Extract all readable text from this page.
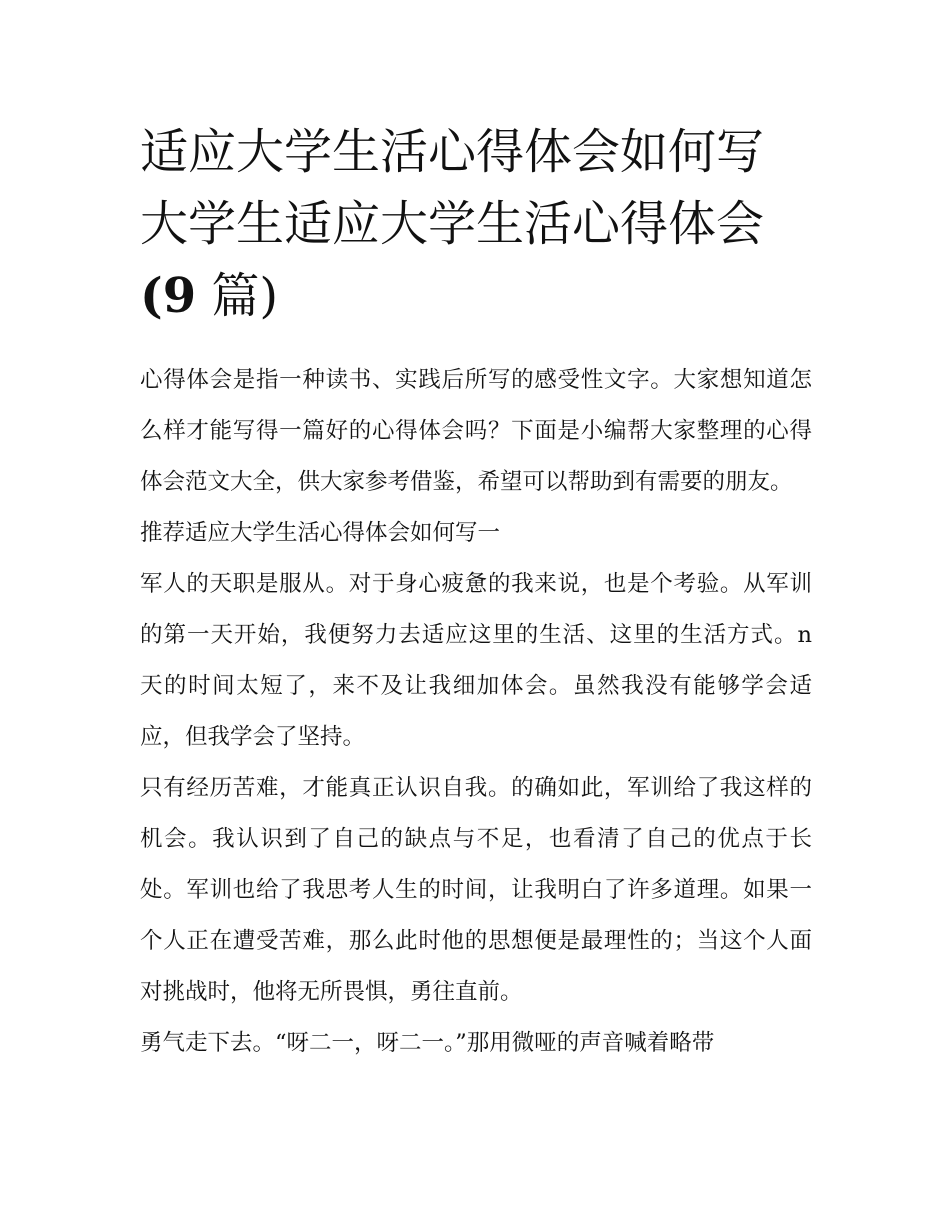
适应大学生活心得体会如何写
大学生适应大学生活心得体会
(9 篇)

心得体会是指一种读书、实践后所写的感受性文字。大家想知道怎么样才能写得一篇好的心得体会吗？下面是小编帮大家整理的心得体会范文大全，供大家参考借鉴，希望可以帮助到有需要的朋友。

推荐适应大学生活心得体会如何写一

军人的天职是服从。对于身心疲惫的我来说，也是个考验。从军训的第一天开始，我便努力去适应这里的生活、这里的生活方式。n 天的时间太短了，来不及让我细加体会。虽然我没有能够学会适应，但我学会了坚持。

只有经历苦难，才能真正认识自我。的确如此，军训给了我这样的机会。我认识到了自己的缺点与不足，也看清了自己的优点于长处。军训也给了我思考人生的时间，让我明白了许多道理。如果一个人正在遭受苦难，那么此时他的思想便是最理性的；当这个人面对挑战时，他将无所畏惧，勇往直前。

勇气走下去。“呀二一，呀二一。”那用微哑的声音喊着略带
